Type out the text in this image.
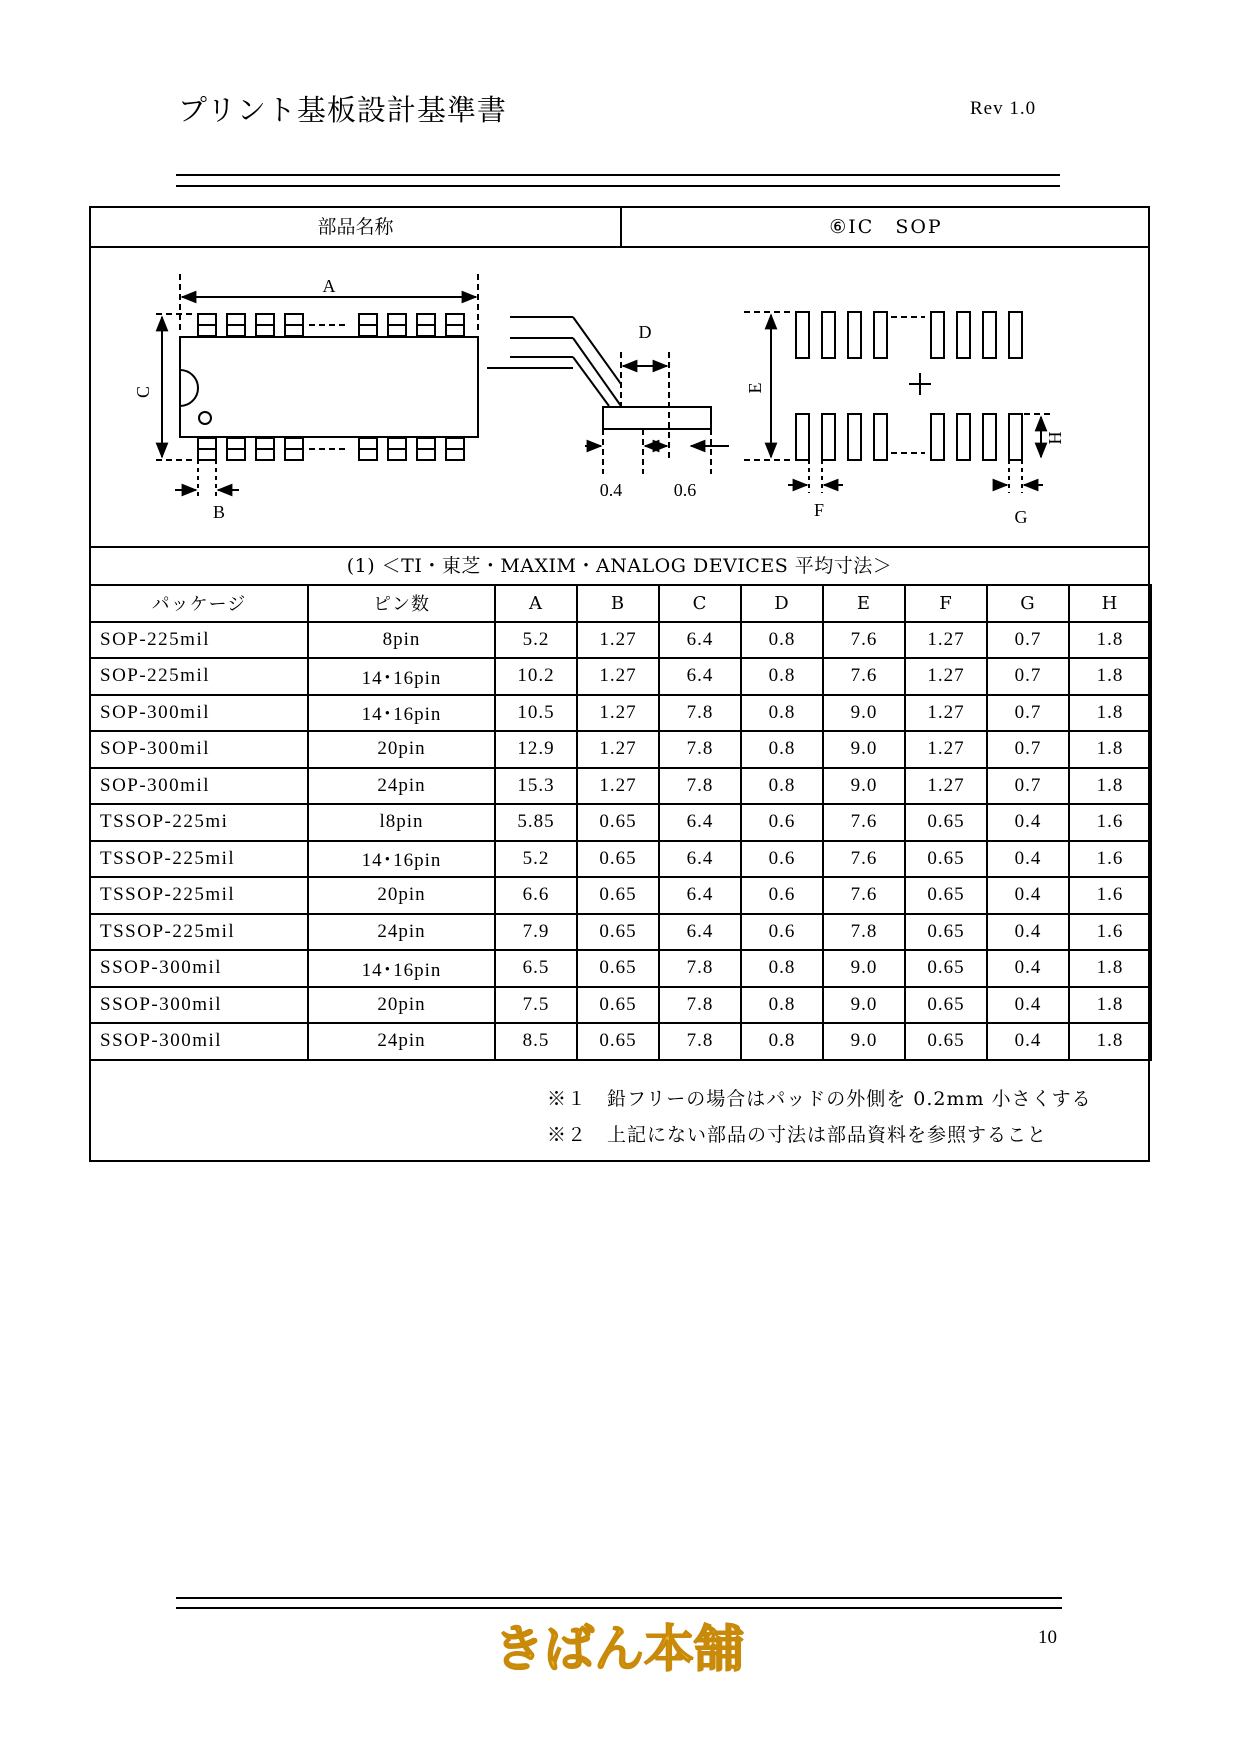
プリント基板設計基準書	Rev 1.0
部品名称	⑥IC　SOP
A
C
B
D
0.4	0.6
E
H
F	G
(1) ＜TI・東芝・MAXIM・ANALOG DEVICES 平均寸法＞
パッケージ	ピン数	A	B	C	D	E	F	G	H
SOP-225mil	8pin	5.2	1.27	6.4	0.8	7.6	1.27	0.7	1.8
SOP-225mil	14･16pin	10.2	1.27	6.4	0.8	7.6	1.27	0.7	1.8
SOP-300mil	14･16pin	10.5	1.27	7.8	0.8	9.0	1.27	0.7	1.8
SOP-300mil	20pin	12.9	1.27	7.8	0.8	9.0	1.27	0.7	1.8
SOP-300mil	24pin	15.3	1.27	7.8	0.8	9.0	1.27	0.7	1.8
TSSOP-225mi	l8pin	5.85	0.65	6.4	0.6	7.6	0.65	0.4	1.6
TSSOP-225mil	14･16pin	5.2	0.65	6.4	0.6	7.6	0.65	0.4	1.6
TSSOP-225mil	20pin	6.6	0.65	6.4	0.6	7.6	0.65	0.4	1.6
TSSOP-225mil	24pin	7.9	0.65	6.4	0.6	7.8	0.65	0.4	1.6
SSOP-300mil	14･16pin	6.5	0.65	7.8	0.8	9.0	0.65	0.4	1.8
SSOP-300mil	20pin	7.5	0.65	7.8	0.8	9.0	0.65	0.4	1.8
SSOP-300mil	24pin	8.5	0.65	7.8	0.8	9.0	0.65	0.4	1.8
※１　鉛フリーの場合はパッドの外側を 0.2mm 小さくする
※２　上記にない部品の寸法は部品資料を参照すること
きばん本舗	10
